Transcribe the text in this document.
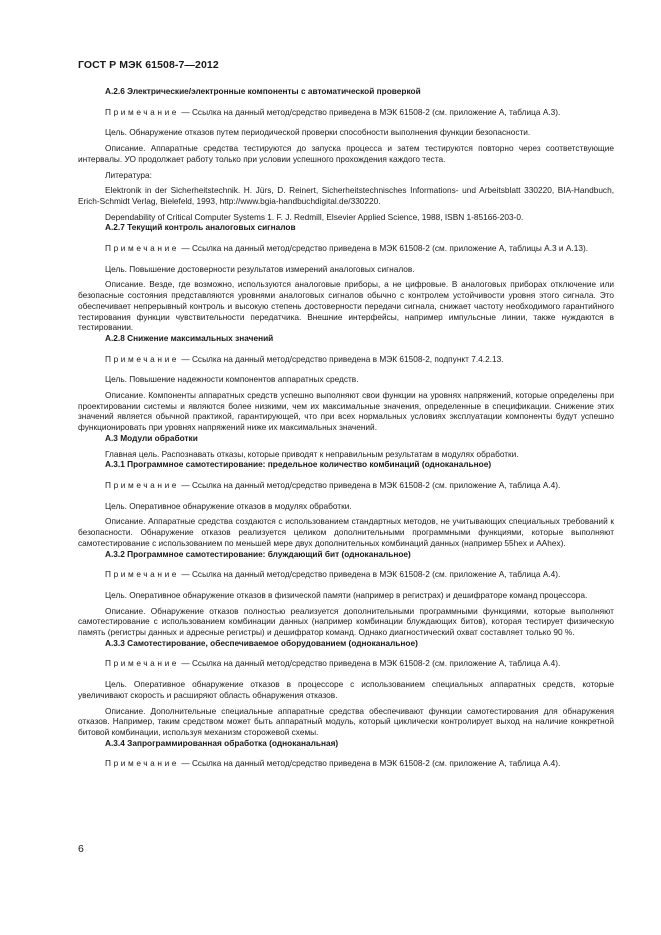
ГОСТ Р МЭК 61508-7—2012

A.2.6 Электрические/электронные компоненты с автоматической проверкой

Примечание — Ссылка на данный метод/средство приведена в МЭК 61508-2 (см. приложение А, таблица А.3).

Цель. Обнаружение отказов путем периодической проверки способности выполнения функции безопасности.

Описание. Аппаратные средства тестируются до запуска процесса и затем тестируются повторно через соответствующие интервалы. УО продолжает работу только при условии успешного прохождения каждого теста.

Литература:

Elektronik in der Sicherheitstechnik. H. Jürs, D. Reinert, Sicherheitstechnisches Informations- und Arbeitsblatt 330220, BIA-Handbuch, Erich-Schmidt Verlag, Bielefeld, 1993, http://www.bgia-handbuchdigital.de/330220.

Dependability of Critical Computer Systems 1. F. J. Redmill, Elsevier Applied Science, 1988, ISBN 1-85166-203-0.

A.2.7 Текущий контроль аналоговых сигналов

Примечание — Ссылка на данный метод/средство приведена в МЭК 61508-2 (см. приложение А, таблицы А.3 и А.13).

Цель. Повышение достоверности результатов измерений аналоговых сигналов.

Описание. Везде, где возможно, используются аналоговые приборы, а не цифровые. В аналоговых приборах отключение или безопасные состояния представляются уровнями аналоговых сигналов обычно с контролем устойчивости уровня этого сигнала. Это обеспечивает непрерывный контроль и высокую степень достоверности передачи сигнала, снижает частоту необходимого гарантийного тестирования функции чувствительности передатчика. Внешние интерфейсы, например импульсные линии, также нуждаются в тестировании.

A.2.8 Снижение максимальных значений

Примечание — Ссылка на данный метод/средство приведена в МЭК 61508-2, подпункт 7.4.2.13.

Цель. Повышение надежности компонентов аппаратных средств.

Описание. Компоненты аппаратных средств успешно выполняют свои функции на уровнях напряжений, которые определены при проектировании системы и являются более низкими, чем их максимальные значения, определенные в спецификации. Снижение этих значений является обычной практикой, гарантирующей, что при всех нормальных условиях эксплуатации компоненты будут успешно функционировать при уровнях напряжений ниже их максимальных значений.

A.3 Модули обработки

Главная цель. Распознавать отказы, которые приводят к неправильным результатам в модулях обработки.

A.3.1 Программное самотестирование: предельное количество комбинаций (одноканальное)

Примечание — Ссылка на данный метод/средство приведена в МЭК 61508-2 (см. приложение А, таблица А.4).

Цель. Оперативное обнаружение отказов в модулях обработки.

Описание. Аппаратные средства создаются с использованием стандартных методов, не учитывающих специальных требований к безопасности. Обнаружение отказов реализуется целиком дополнительными программными функциями, которые выполняют самотестирование с использованием по меньшей мере двух дополнительных комбинаций данных (например 55hex и AAhex).

A.3.2 Программное самотестирование: блуждающий бит (одноканальное)

Примечание — Ссылка на данный метод/средство приведена в МЭК 61508-2 (см. приложение А, таблица А.4).

Цель. Оперативное обнаружение отказов в физической памяти (например в регистрах) и дешифраторе команд процессора.

Описание. Обнаружение отказов полностью реализуется дополнительными программными функциями, которые выполняют самотестирование с использованием комбинации данных (например комбинации блуждающих битов), которая тестирует физическую память (регистры данных и адресные регистры) и дешифратор команд. Однако диагностический охват составляет только 90 %.

A.3.3 Самотестирование, обеспечиваемое оборудованием (одноканальное)

Примечание — Ссылка на данный метод/средство приведена в МЭК 61508-2 (см. приложение А, таблица А.4).

Цель. Оперативное обнаружение отказов в процессоре с использованием специальных аппаратных средств, которые увеличивают скорость и расширяют область обнаружения отказов.

Описание. Дополнительные специальные аппаратные средства обеспечивают функции самотестирования для обнаружения отказов. Например, таким средством может быть аппаратный модуль, который циклически контролирует выход на наличие конкретной битовой комбинации, используя механизм сторожевой схемы.

A.3.4 Запрограммированная обработка (одноканальная)

Примечание — Ссылка на данный метод/средство приведена в МЭК 61508-2 (см. приложение А, таблица А.4).

6
